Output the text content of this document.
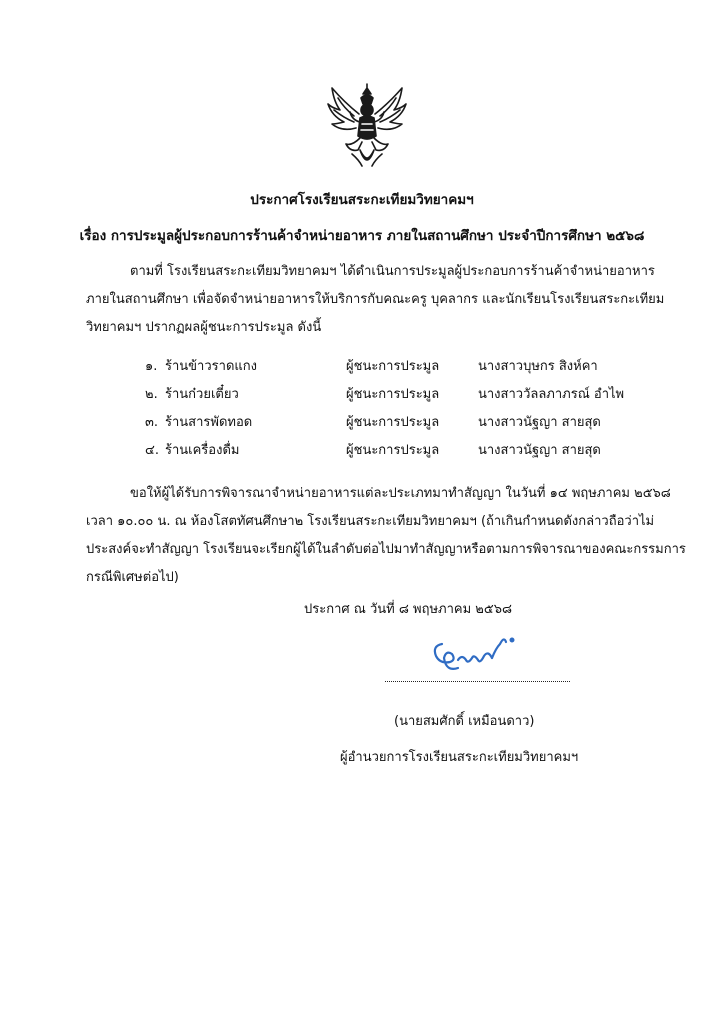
ประกาศโรงเรียนสระกะเทียมวิทยาคมฯ
เรื่อง การประมูลผู้ประกอบการร้านค้าจำหน่ายอาหาร ภายในสถานศึกษา ประจำปีการศึกษา ๒๕๖๘
ตามที่ โรงเรียนสระกะเทียมวิทยาคมฯ ได้ดำเนินการประมูลผู้ประกอบการร้านค้าจำหน่ายอาหาร
ภายในสถานศึกษา เพื่อจัดจำหน่ายอาหารให้บริการกับคณะครู บุคลากร และนักเรียนโรงเรียนสระกะเทียม
วิทยาคมฯ ปรากฏผลผู้ชนะการประมูล ดังนี้
๑. ร้านข้าวราดแกง	ผู้ชนะการประมูล	นางสาวบุษกร สิงห์คา
๒. ร้านก๋วยเตี๋ยว	ผู้ชนะการประมูล	นางสาววัลลภาภรณ์ อำไพ
๓. ร้านสารพัดทอด	ผู้ชนะการประมูล	นางสาวนัฐญา สายสุด
๔. ร้านเครื่องดื่ม	ผู้ชนะการประมูล	นางสาวนัฐญา สายสุด
ขอให้ผู้ได้รับการพิจารณาจำหน่ายอาหารแต่ละประเภทมาทำสัญญา ในวันที่ ๑๔ พฤษภาคม ๒๕๖๘
เวลา ๑๐.๐๐ น. ณ ห้องโสตทัศนศึกษา๒ โรงเรียนสระกะเทียมวิทยาคมฯ (ถ้าเกินกำหนดดังกล่าวถือว่าไม่
ประสงค์จะทำสัญญา โรงเรียนจะเรียกผู้ได้ในลำดับต่อไปมาทำสัญญาหรือตามการพิจารณาของคณะกรรมการ
กรณีพิเศษต่อไป)
ประกาศ ณ วันที่ ๘ พฤษภาคม ๒๕๖๘
(นายสมศักดิ์ เหมือนดาว)
ผู้อำนวยการโรงเรียนสระกะเทียมวิทยาคมฯ
